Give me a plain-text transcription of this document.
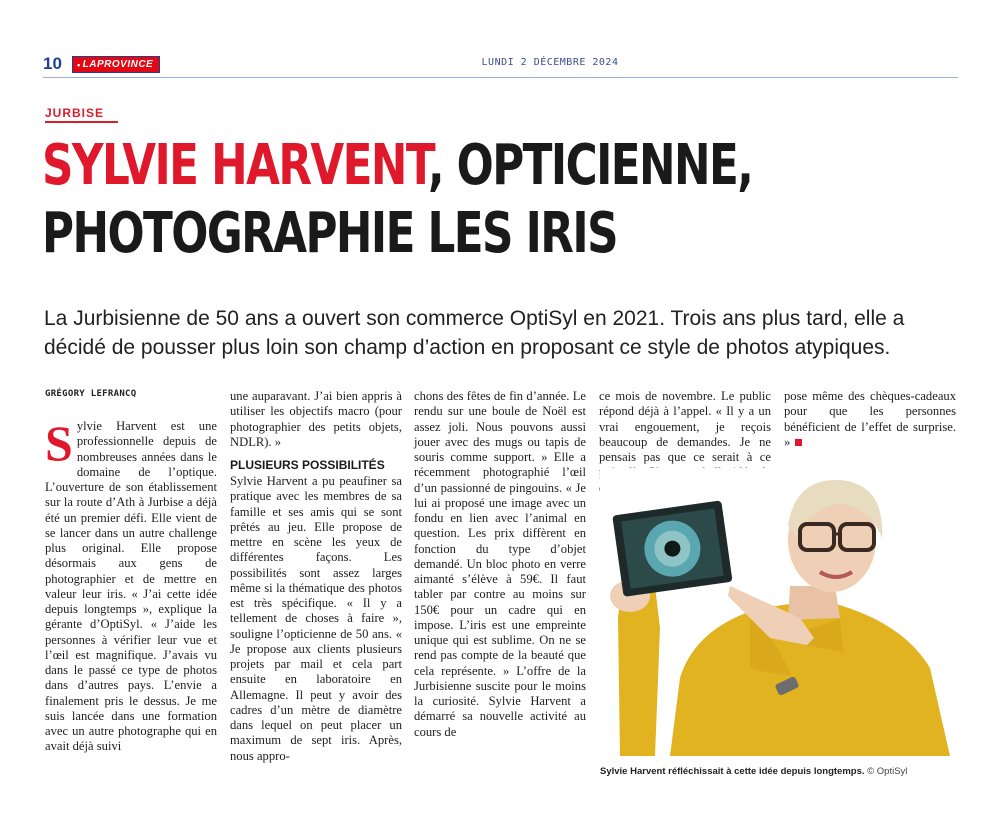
10 • LAPROVINCE	LUNDI 2 DÉCEMBRE 2024
JURBISE
SYLVIE HARVENT, OPTICIENNE,
PHOTOGRAPHIE LES IRIS
La Jurbisienne de 50 ans a ouvert son commerce OptiSyl en 2021. Trois ans plus tard, elle a décidé de pousser plus loin son champ d’action en proposant ce style de photos atypiques.
GRÉGORY LEFRANCQ
S ylvie Harvent est une professionnelle depuis de nombreuses années dans le domaine de l’optique. L’ouverture de son établissement sur la route d’Ath à Jurbise a déjà été un premier défi. Elle vient de se lancer dans un autre challenge plus original. Elle propose désormais aux gens de photographier et de mettre en valeur leur iris. « J’ai cette idée depuis longtemps », explique la gérante d’OptiSyl. « J’aide les personnes à vérifier leur vue et l’œil est magnifique. J’avais vu dans le passé ce type de photos dans d’autres pays. L’envie a finalement pris le dessus. Je me suis lancée dans une formation avec un autre photographe qui en avait déjà suivi

une auparavant. J’ai bien appris à utiliser les objectifs macro (pour photographier des petits objets, NDLR). »

PLUSIEURS POSSIBILITÉS

Sylvie Harvent a pu peaufiner sa pratique avec les membres de sa famille et ses amis qui se sont prêtés au jeu. Elle propose de mettre en scène les yeux de différentes façons. Les possibilités sont assez larges même si la thématique des photos est très spécifique. « Il y a tellement de choses à faire », souligne l’opticienne de 50 ans. « Je propose aux clients plusieurs projets par mail et cela part ensuite en laboratoire en Allemagne. Il peut y avoir des cadres d’un mètre de diamètre dans lequel on peut placer un maximum de sept iris. Après, nous appro-

chons des fêtes de fin d’année. Le rendu sur une boule de Noël est assez joli. Nous pouvons aussi jouer avec des mugs ou tapis de souris comme support. » Elle a récemment photographié l’œil d’un passionné de pingouins. « Je lui ai proposé une image avec un fondu en lien avec l’animal en question. Les prix diffèrent en fonction du type d’objet demandé. Un bloc photo en verre aimanté s’élève à 59€. Il faut tabler par contre au moins sur 150€ pour un cadre qui en impose. L’iris est une empreinte unique qui est sublime. On ne se rend pas compte de la beauté que cela représente. » L’offre de la Jurbisienne suscite pour le moins la curiosité. Sylvie Harvent a démarré sa nouvelle activité au cours de

ce mois de novembre. Le public répond déjà à l’appel. « Il y a un vrai engouement, je reçois beaucoup de demandes. Je ne pensais pas que ce serait à ce

pose même des chèques-cadeaux pour que les personnes bénéficient de l’effet de surprise. »

Sylvie Harvent réfléchissait à cette idée depuis longtemps. © OptiSyl
